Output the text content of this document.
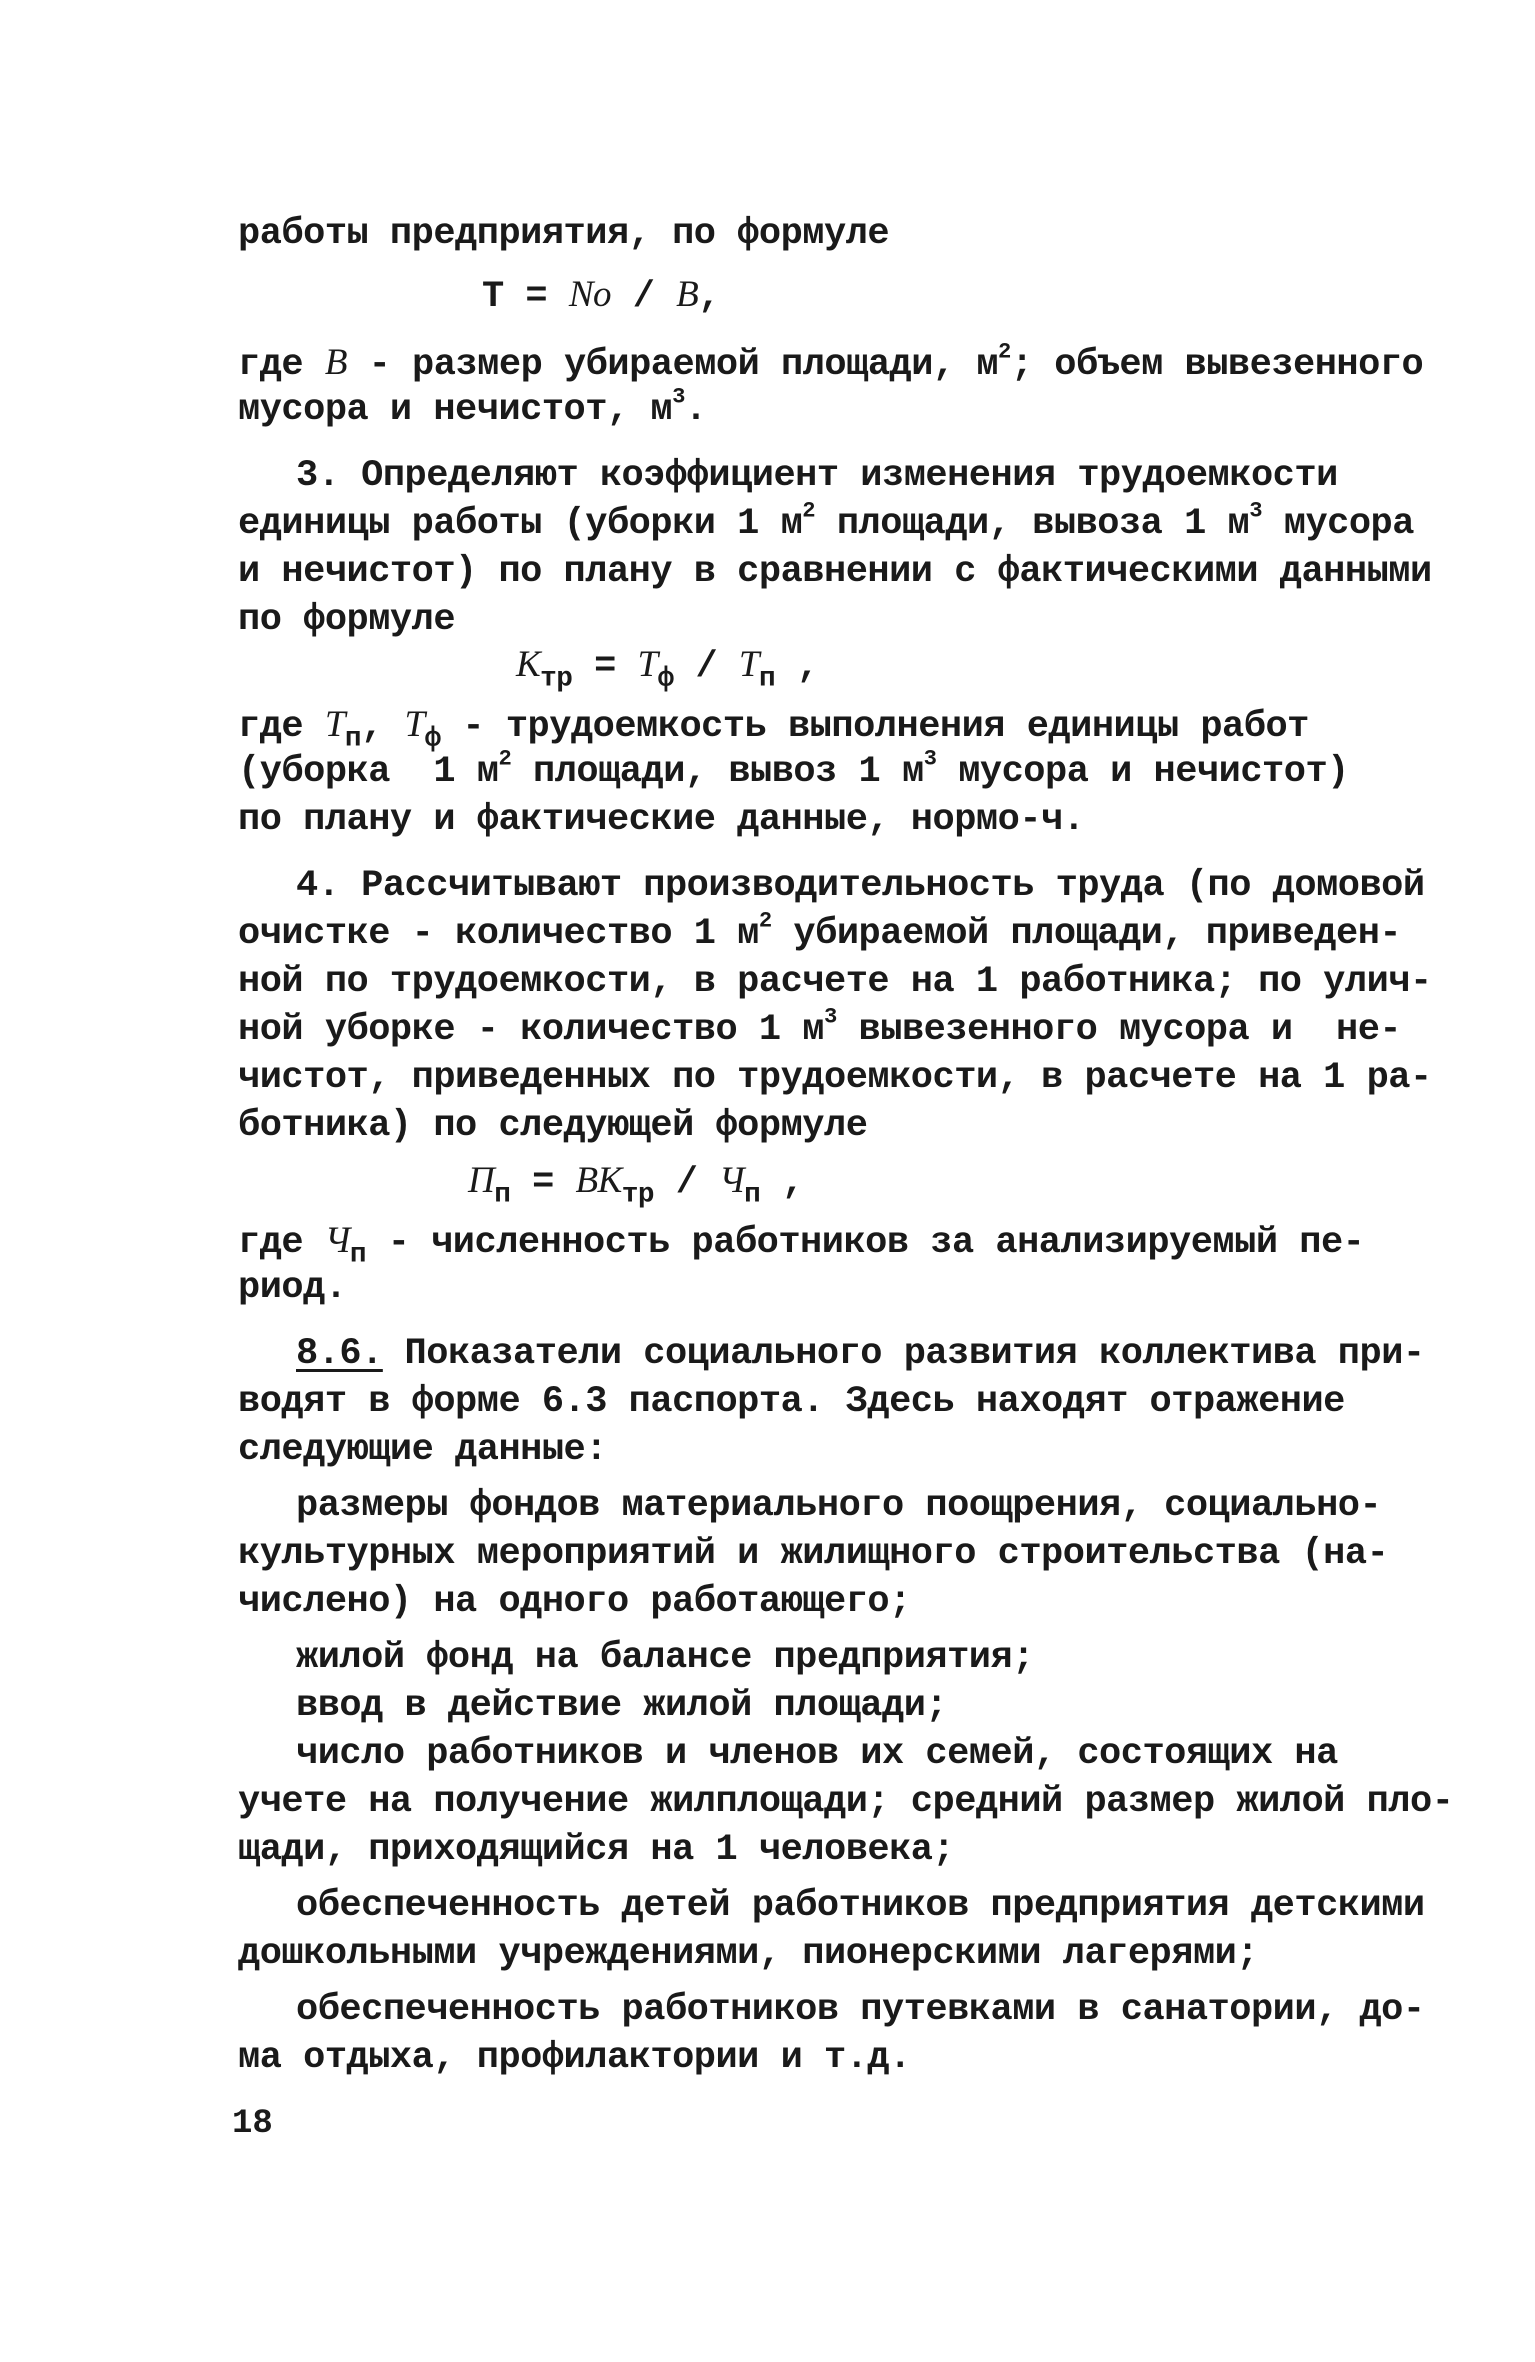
работы предприятия, по формуле
Т = No / В,
где В - размер убираемой площади, $м^2$; объем вывезенного
мусора и нечистот, $м^3$.
3. Определяют коэффициент изменения трудоемкости
единицы работы (уборки 1 $м^2$ площади, вывоза 1 $м^3$ мусора
и нечистот) по плану в сравнении с фактическими данными
по формуле
$К_{тр} = Т_ф / Т_п$ ,
где $Т_п$, $Т_ф$ - трудоемкость выполнения единицы работ
(уборка  1 $м^2$ площади, вывоз 1 $м^3$ мусора и нечистот)
по плану и фактические данные, нормо-ч.
4. Рассчитывают производительность труда (по домовой
очистке - количество 1 $м^2$ убираемой площади, приведен-
ной по трудоемкости, в расчете на 1 работника; по улич-
ной уборке - количество 1 $м^3$ вывезенного мусора и  не-
чистот, приведенных по трудоемкости, в расчете на 1 ра-
ботника) по следующей формуле
$П_п = ВК_{тр} / Ч_п$ ,
где $Ч_п$ - численность работников за анализируемый пе-
риод.
8.6. Показатели социального развития коллектива при-
водят в форме 6.3 паспорта. Здесь находят отражение
следующие данные:
размеры фондов материального поощрения, социально-
культурных мероприятий и жилищного строительства (на-
числено) на одного работающего;
жилой фонд на балансе предприятия;
ввод в действие жилой площади;
число работников и членов их семей, состоящих на
учете на получение жилплощади; средний размер жилой пло-
щади, приходящийся на 1 человека;
обеспеченность детей работников предприятия детскими
дошкольными учреждениями, пионерскими лагерями;
обеспеченность работников путевками в санатории, до-
ма отдыха, профилактории и т.д.
18
